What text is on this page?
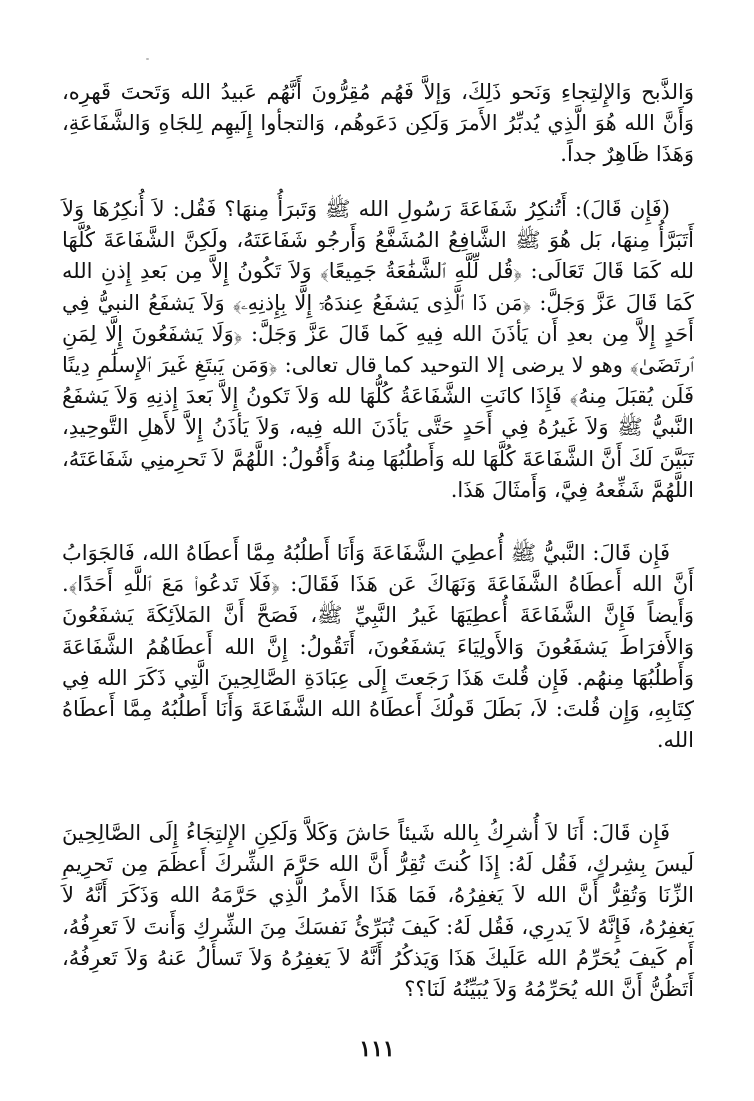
وَالذَّبح وَالإِلتِجاءِ وَنَحو ذَلِكَ، وَإلاَّ فَهُم مُقِرُّونَ أَنَّهُم عَبيدُ الله وَتَحتَ قَهرِه، وَأَنَّ الله هُوَ الَّذِي يُدبِّرُ الأَمرَ وَلَكِن دَعَوهُم، وَالتجأوا إِلَيهِم لِلجَاهِ وَالشَّفَاعَةِ، وَهَذَا ظَاهِرٌ جداً.

(فَإِن قَالَ): أَتُنكِرُ شَفَاعَةَ رَسُولِ الله ﷺ وَتَبرَأُ مِنهَا؟ فَقُل: لاَ أُنكِرُهَا وَلاَ أَتَبَرَّأُ مِنهَا، بَل هُوَ ﷺ الشَّافِعُ المُشَفَّعُ وَأَرجُو شَفَاعَتَهُ، ولَكِنَّ الشَّفَاعَةَ كُلَّهَا لله كَمَا قَالَ تَعَالَى: ﴿قُل لِّلَّهِ ٱلشَّفَٰعَةُ جَمِيعًا﴾ وَلاَ تَكُونُ إِلاَّ مِن بَعدِ إِذنِ الله كَمَا قَالَ عَزَّ وَجَلَّ: ﴿مَن ذَا ٱلَّذِى يَشفَعُ عِندَهُۥٓ إِلَّا بِإِذنِهِۦ﴾ وَلاَ يَشفَعُ النبيُّ فِي أَحَدٍ إِلاَّ مِن بعدِ أَن يَأذَنَ الله فِيهِ كَما قَالَ عَزَّ وَجَلَّ: ﴿وَلَا يَشفَعُونَ إِلَّا لِمَنِ ٱرتَضَىٰ﴾ وهو لا يرضى إلا التوحيد كما قال تعالى: ﴿وَمَن يَبتَغِ غَيرَ ٱلإِسلَٰمِ دِينًا فَلَن يُقبَلَ مِنهُ﴾ فَإِذَا كانَتِ الشَّفَاعَةُ كُلُّهَا لله وَلاَ تَكونُ إِلاَّ بَعدَ إِذنِهِ وَلاَ يَشفَعُ النَّبيُّ ﷺ وَلاَ غَيرُهُ فِي أَحَدٍ حَتَّى يَأذَنَ الله فِيه، وَلاَ يَأذَنُ إِلاَّ لأَهلِ التَّوحِيدِ، تَبَيَّنَ لَكَ أَنَّ الشَّفَاعَةَ كُلَّهَا لله وَأَطلُبُهَا مِنهُ وَأَقُولُ: اللَّهُمَّ لاَ تَحرِمنِي شَفَاعَتَهُ، اللَّهُمَّ شَفِّعهُ فِيَّ، وَأَمثَالَ هَذَا.

فَإِن قَالَ: النَّبيُّ ﷺ أُعطِيَ الشَّفَاعَةَ وَأَنَا أَطلُبُهُ مِمَّا أَعطَاهُ الله، فَالجَوَابُ أَنَّ الله أَعطَاهُ الشَّفَاعَةَ وَنَهَاكَ عَن هَذَا فَقَالَ: ﴿فَلَا تَدعُوا۟ مَعَ ٱللَّهِ أَحَدًا﴾. وَأَيضاً فَإِنَّ الشَّفَاعَةَ أُعطِيَهَا غَيرُ النَّبِيِّ ﷺ، فَصَحَّ أَنَّ المَلاَئِكَةَ يَشفَعُونَ وَالأَفرَاطَ يَشفَعُونَ وَالأَولِيَاءَ يَشفَعُونَ، أَتَقُولُ: إِنَّ الله أَعطَاهُمُ الشَّفَاعَةَ وَأَطلُبُهَا مِنهُم. فَإِن قُلتَ هَذَا رَجَعتَ إِلَى عِبَادَةِ الصَّالِحِينَ الَّتِي ذَكَرَ الله فِي كِتَابِهِ، وَإِن قُلتَ: لاَ، بَطَلَ قَولُكَ أَعطَاهُ الله الشَّفَاعَةَ وَأَنَا أَطلُبُهُ مِمَّا أَعطَاهُ الله.

فَإِن قَالَ: أَنَا لاَ أُشرِكُ بِالله شَيئاً حَاشَ وَكَلاَّ وَلَكِنِ الإِلتِجَاءُ إِلَى الصَّالِحِينَ لَيسَ بِشِركٍ، فَقُل لَهُ: إِذَا كُنتَ تُقِرُّ أَنَّ الله حَرَّمَ الشِّركَ أَعظَمَ مِن تَحرِيمِ الزِّنَا وَتُقِرُّ أَنَّ الله لاَ يَغفِرُهُ، فَمَا هَذَا الأَمرُ الَّذِي حَرَّمَهُ الله وَذَكَرَ أَنَّهُ لاَ يَغفِرُهُ، فَإِنَّهُ لاَ يَدرِي، فَقُل لَهُ: كَيفَ تُبَرِّئُ نَفسَكَ مِنَ الشِّركِ وَأَنتَ لاَ تَعرِفُهُ، أَم كَيفَ يُحَرِّمُ الله عَلَيكَ هَذَا وَيَذكُرُ أَنَّهُ لاَ يَغفِرُهُ وَلاَ تَسأَلُ عَنهُ وَلاَ تَعرِفُهُ، أَتَظُنُّ أَنَّ الله يُحَرِّمُهُ وَلاَ يُبَيِّنُهُ لَنَا؟؟

١١١
